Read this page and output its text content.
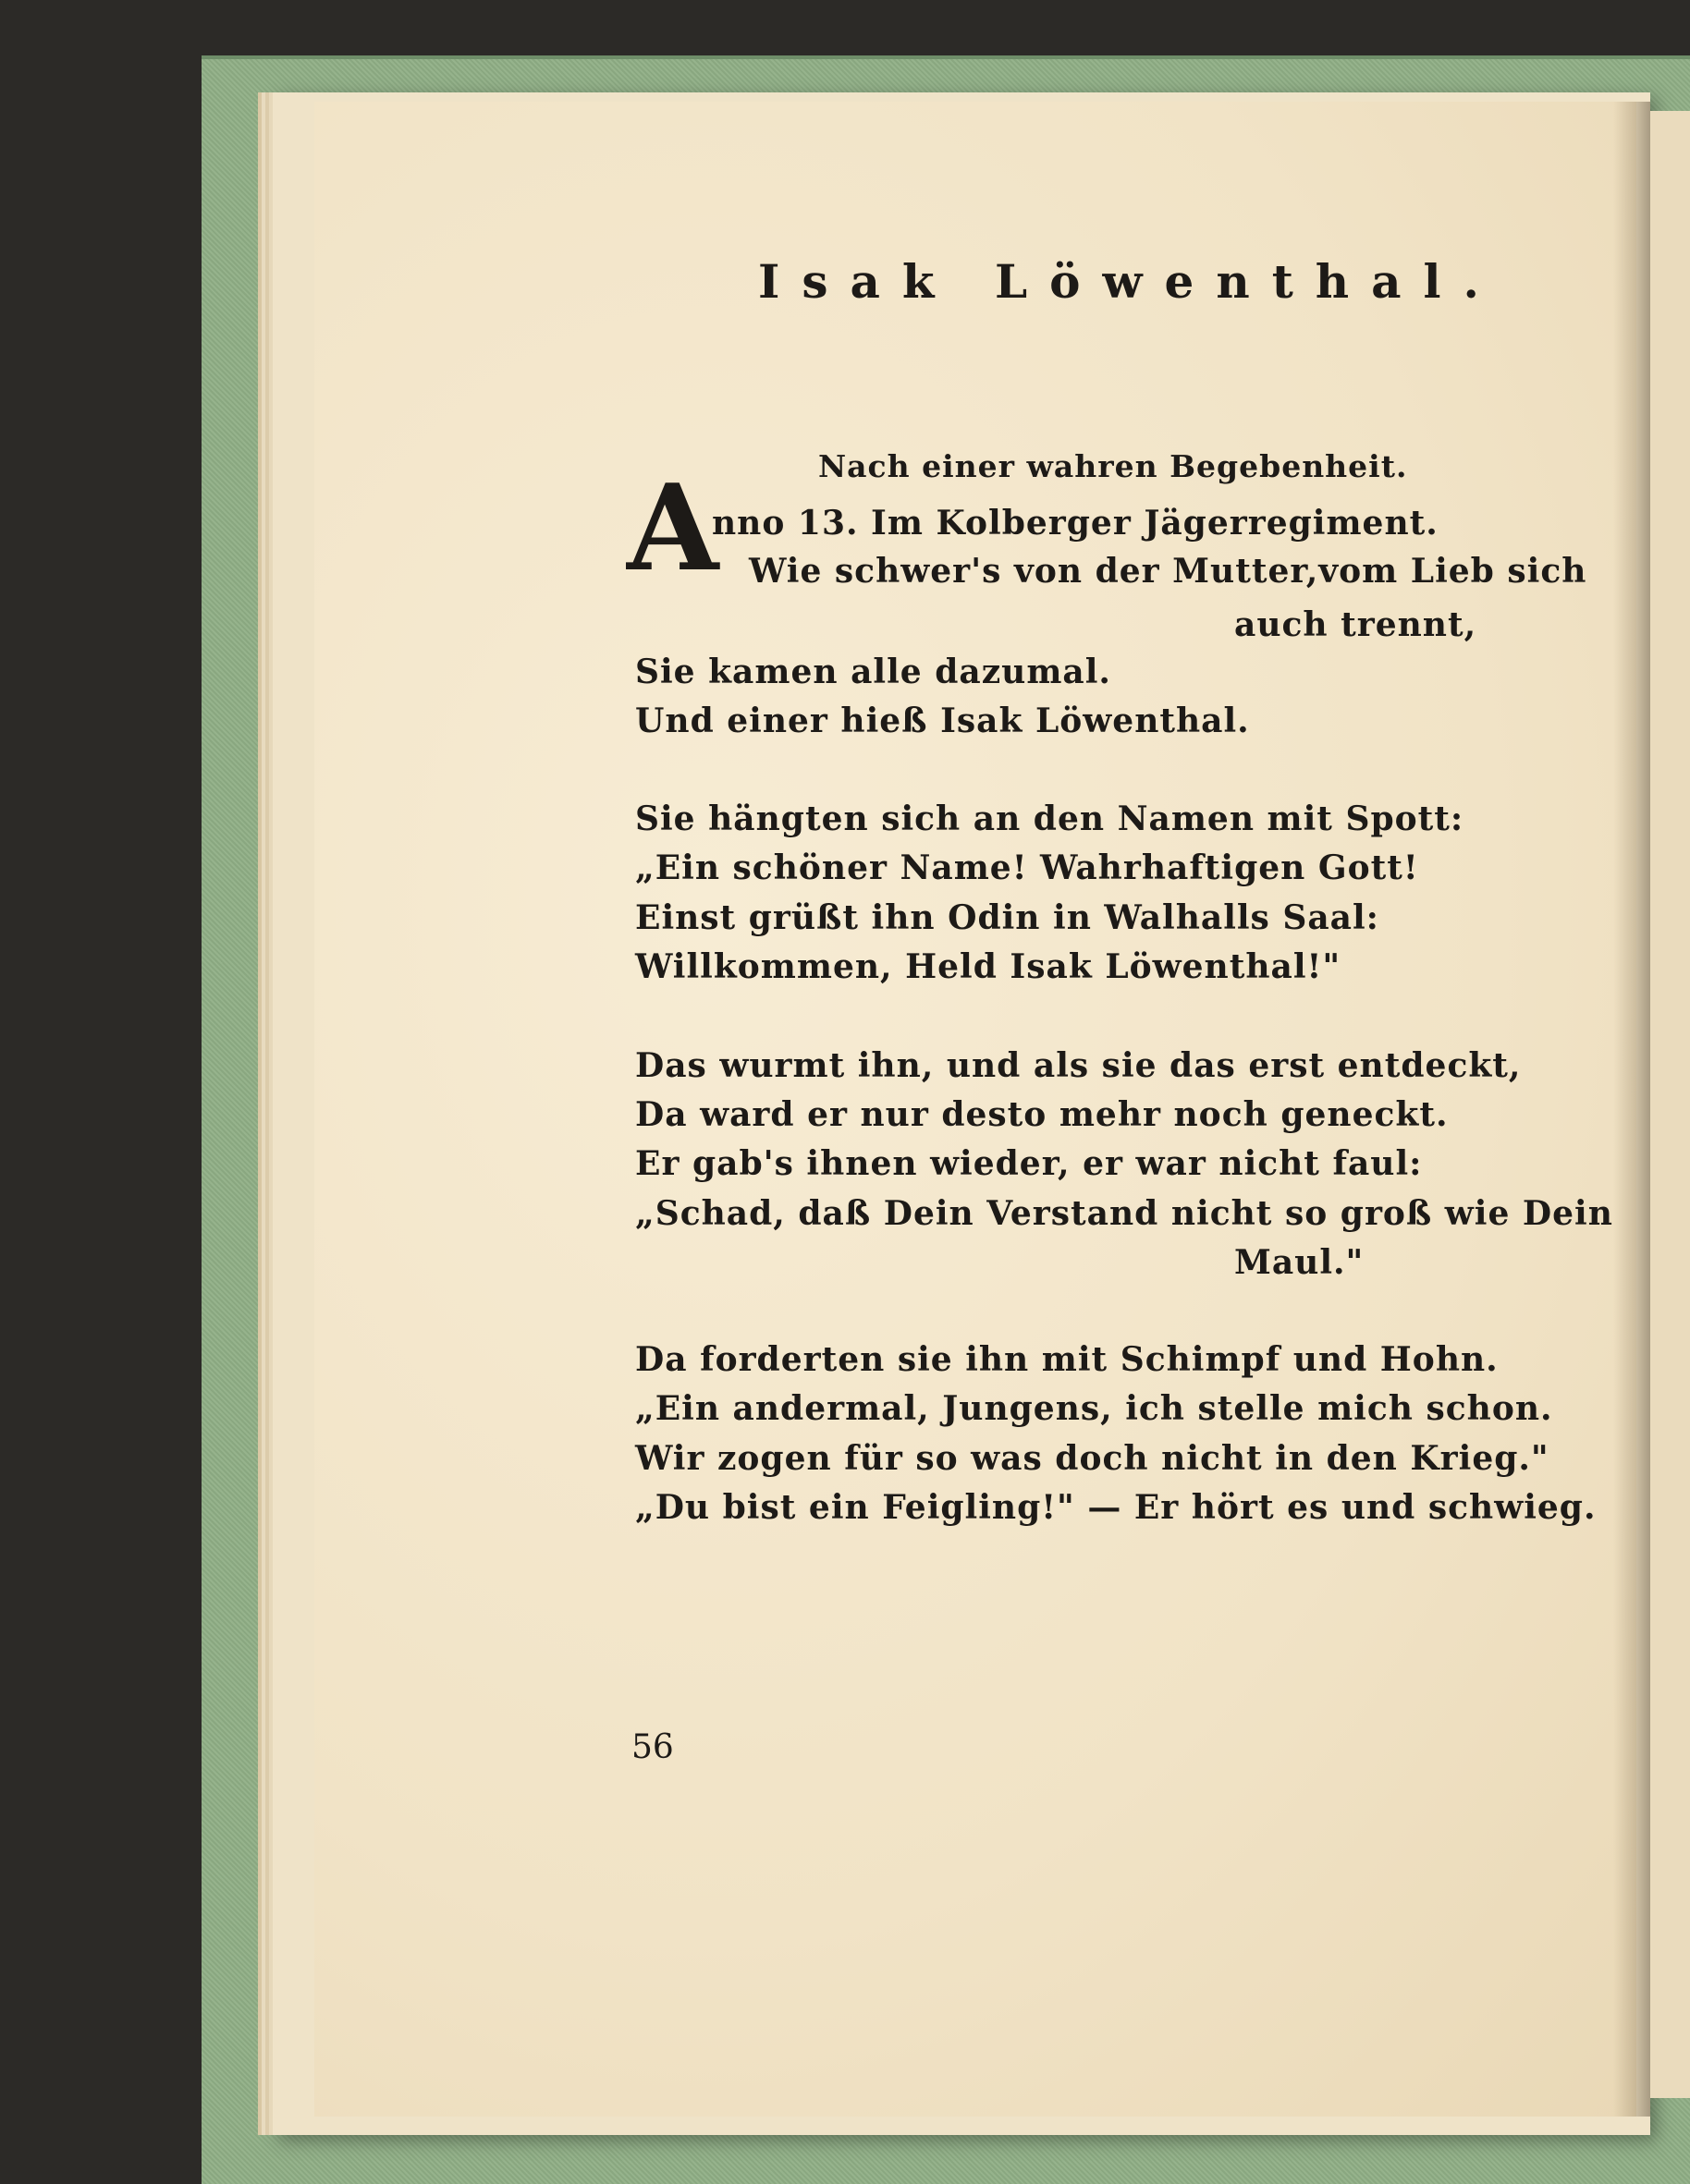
Isak Löwenthal.
Nach einer wahren Begebenheit.
A
nno 13. Im Kolberger Jägerregiment.
Wie schwer's von der Mutter,vom Lieb sich
auch trennt,
Sie kamen alle dazumal.
Und einer hieß Isak Löwenthal.
Sie hängten sich an den Namen mit Spott:
„Ein schöner Name! Wahrhaftigen Gott!
Einst grüßt ihn Odin in Walhalls Saal:
Willkommen, Held Isak Löwenthal!"
Das wurmt ihn, und als sie das erst entdeckt,
Da ward er nur desto mehr noch geneckt.
Er gab's ihnen wieder, er war nicht faul:
„Schad, daß Dein Verstand nicht so groß wie Dein
Maul."
Da forderten sie ihn mit Schimpf und Hohn.
„Ein andermal, Jungens, ich stelle mich schon.
Wir zogen für so was doch nicht in den Krieg."
„Du bist ein Feigling!" — Er hört es und schwieg.
56
